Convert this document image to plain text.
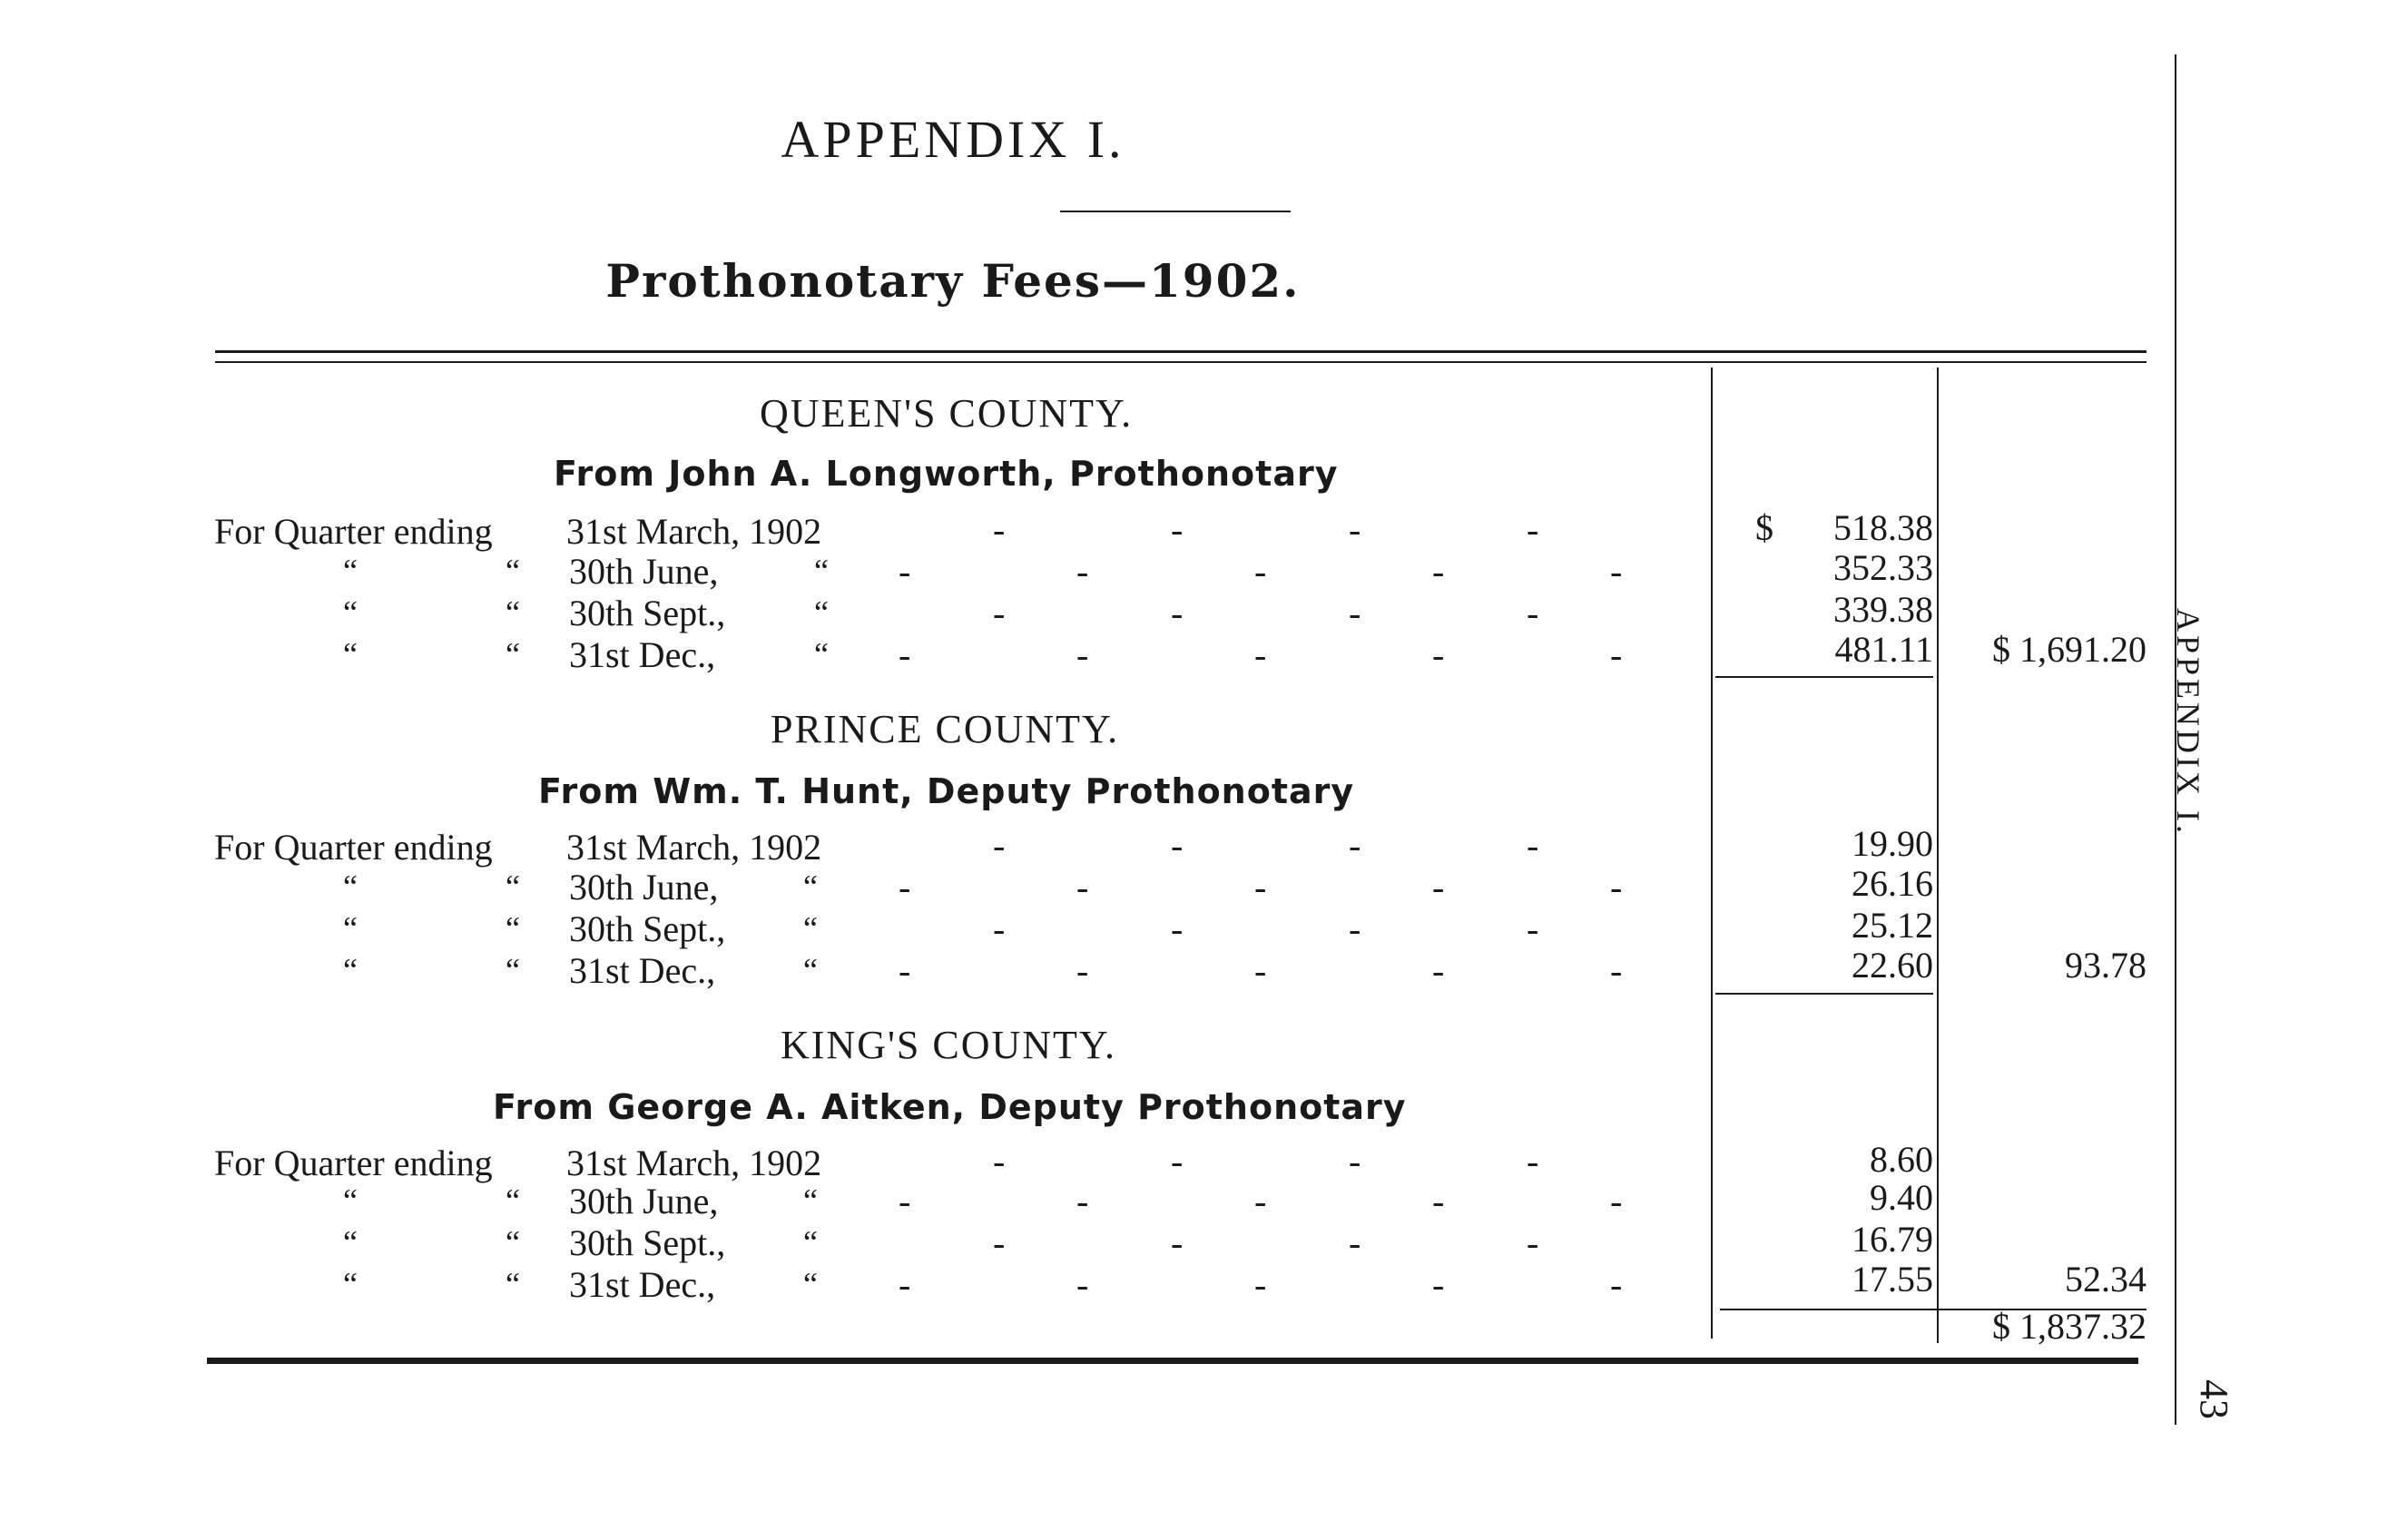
APPENDIX I.
Prothonotary Fees—1902.
QUEEN'S COUNTY.
From John A. Longworth, Prothonotary
For Quarter ending 31st March, 1902	$	518.38
“	“ 30th June,	“	352.33
“	“ 30th Sept.,	“	339.38
“	“ 31st Dec.,	“	481.11	$ 1,691.20
PRINCE COUNTY.
From Wm. T. Hunt, Deputy Prothonotary
For Quarter ending 31st March, 1902	19.90
“	“ 30th June,	“	26.16
“	“ 30th Sept., “	25.12
“	“ 31st Dec.,	“	22.60	93.78
KING'S COUNTY.
From George A. Aitken, Deputy Prothonotary
For Quarter ending 31st March, 1902	8.60
“	“ 30th June,	“	9.40
“	“ 30th Sept., “	16.79
“	“ 31st Dec.,	“	17.55	52.34
$ 1,837.32
-	-	-	-
-	-	-	-	-
-	-	-	-
-	-	-	-	-
-	-	-	-
-	-	-	-	-
-	-	-	-
-	-	-	-	-
-	-	-	-
-	-	-	-	-
-	-	-	-
-	-	-	-	-
APPENDIX I.
43
